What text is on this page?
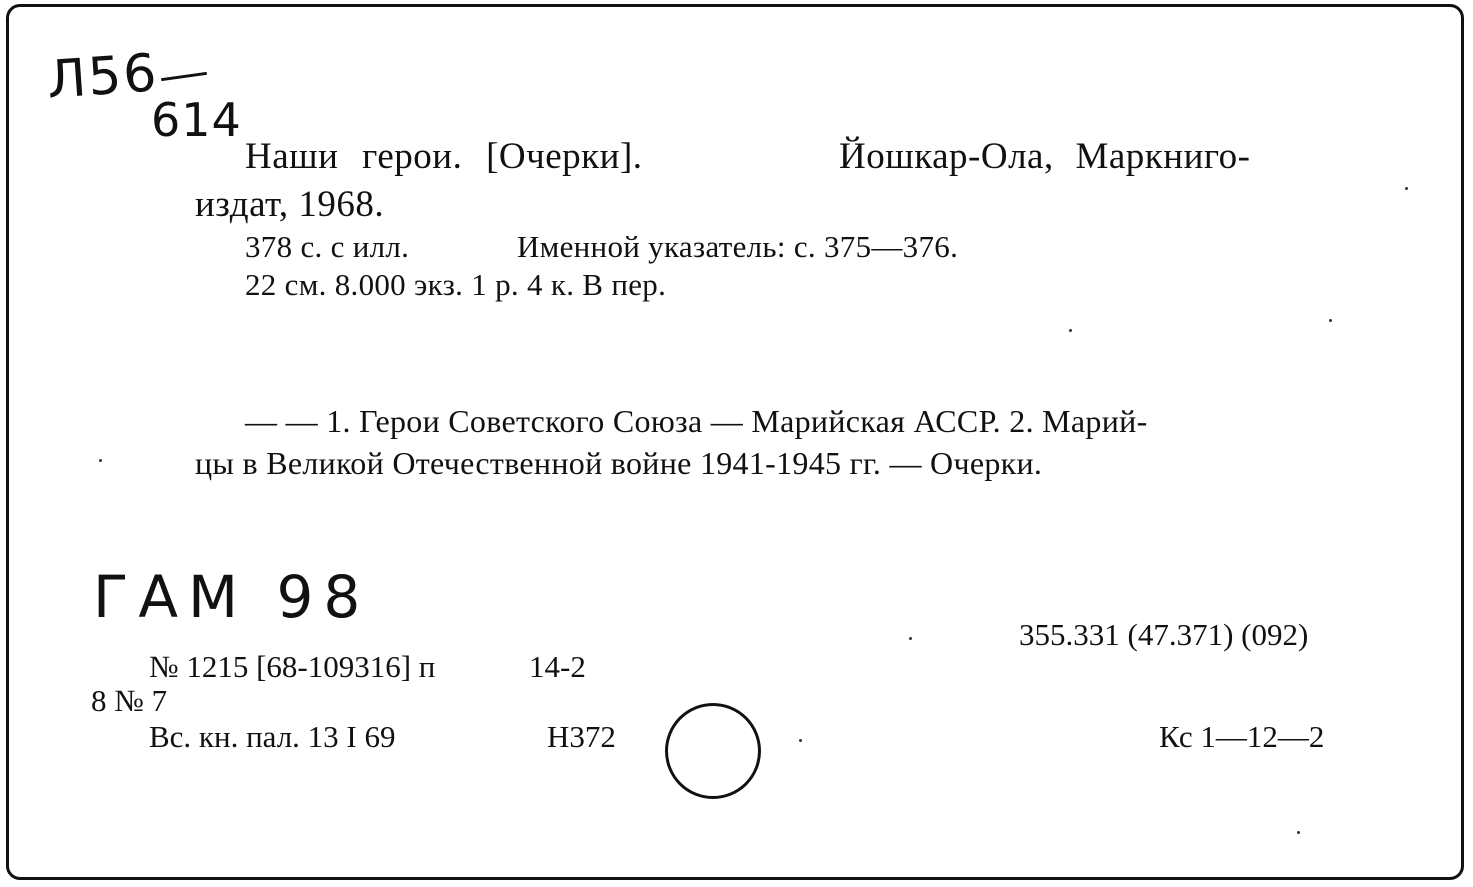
Л56
614
Наши герои. [Очерки].	Йошкар-Ола, Маркниго-
издат, 1968.
378 с. с илл.	Именной указатель: с. 375—376.
22 см. 8.000 экз. 1 р. 4 к. В пер.
— — 1. Герои Советского Союза — Марийская АССР. 2. Марий-
цы в Великой Отечественной войне 1941-1945 гг. — Очерки.
ГАМ 98
355.331 (47.371) (092)
№ 1215 [68-109316] п	14-2
8 № 7
Вс. кн. пал. 13 I 69	Н372	Кс 1—12—2
